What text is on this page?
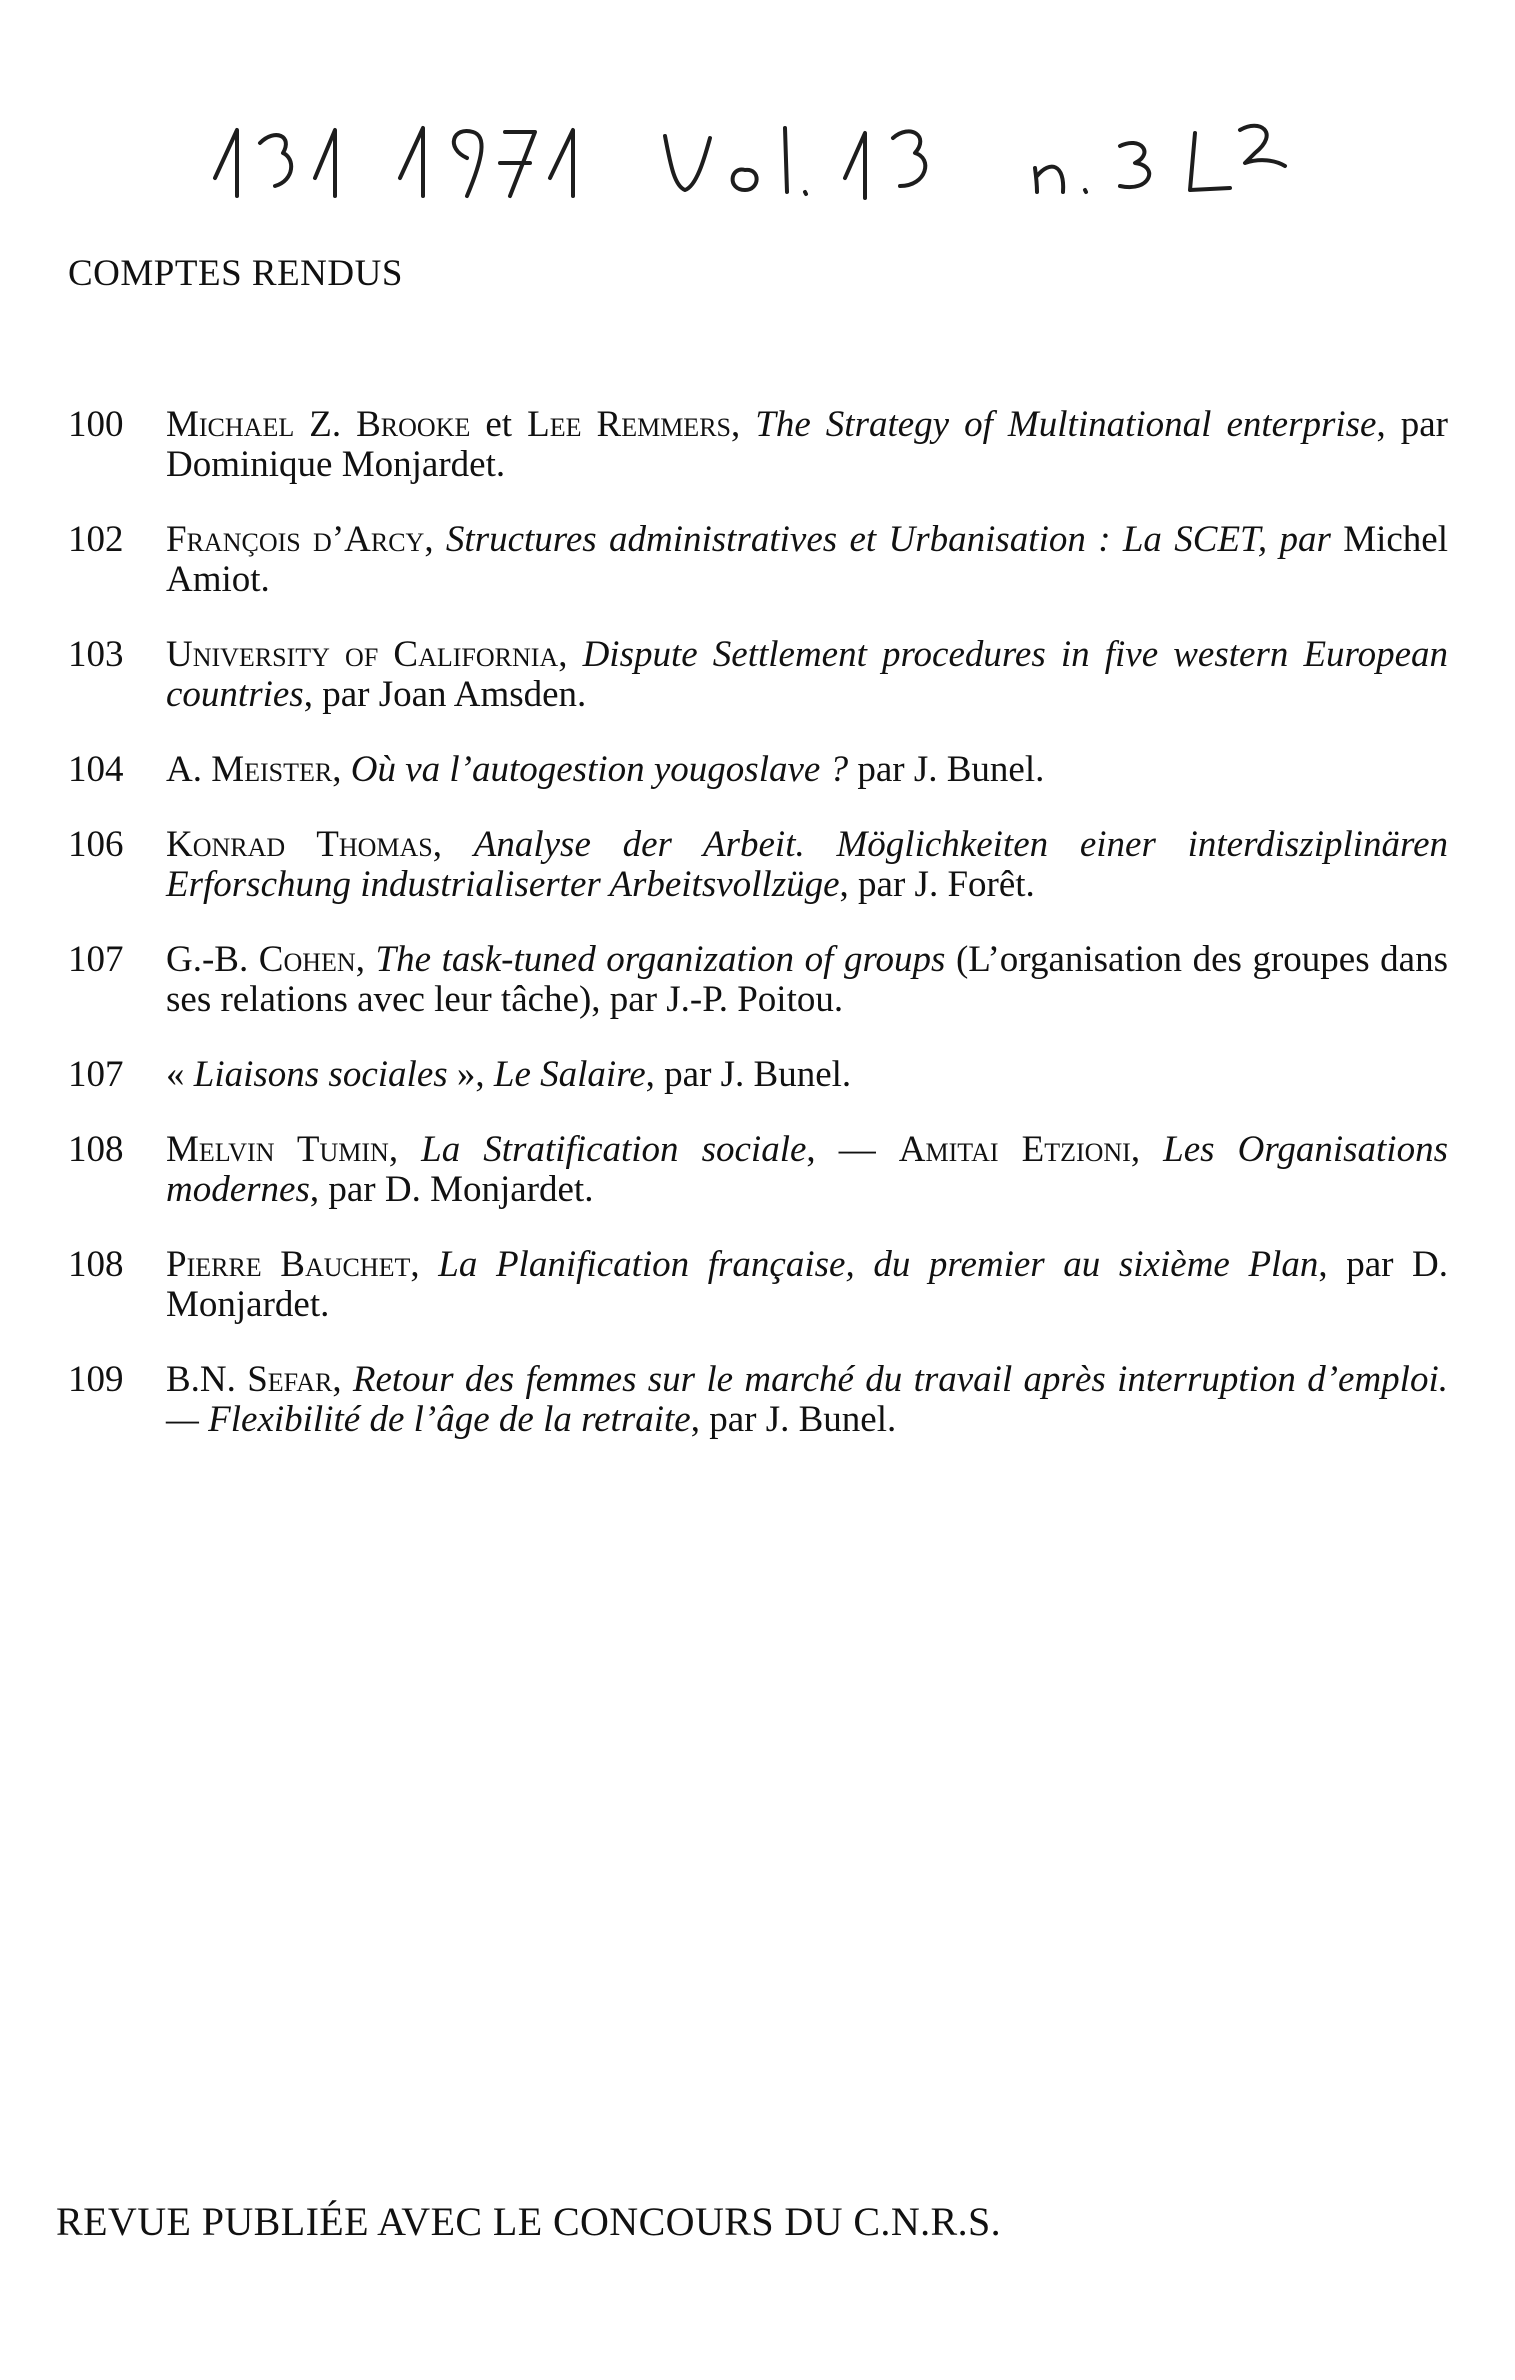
COMPTES RENDUS
100	Michael Z. Brooke et Lee Remmers, The Strategy of Multinational enterprise, par Dominique Monjardet.
102	François d’Arcy, Structures administratives et Urbanisation : La SCET, par Michel Amiot.
103	University of California, Dispute Settlement procedures in five western European countries, par Joan Amsden.
104	A. Meister, Où va l’autogestion yougoslave ? par J. Bunel.
106	Konrad Thomas, Analyse der Arbeit. Möglichkeiten einer interdisziplinären Erforschung industrialiserter Arbeitsvollzüge, par J. Forêt.
107	G.-B. Cohen, The task-tuned organization of groups (L’organisation des groupes dans ses relations avec leur tâche), par J.-P. Poitou.
107	« Liaisons sociales », Le Salaire, par J. Bunel.
108	Melvin Tumin, La Stratification sociale, — Amitai Etzioni, Les Organisations modernes, par D. Monjardet.
108	Pierre Bauchet, La Planification française, du premier au sixième Plan, par D. Monjardet.
109	B.N. Sefar, Retour des femmes sur le marché du travail après interruption d’emploi. — Flexibilité de l’âge de la retraite, par J. Bunel.
REVUE PUBLIÉE AVEC LE CONCOURS DU C.N.R.S.
